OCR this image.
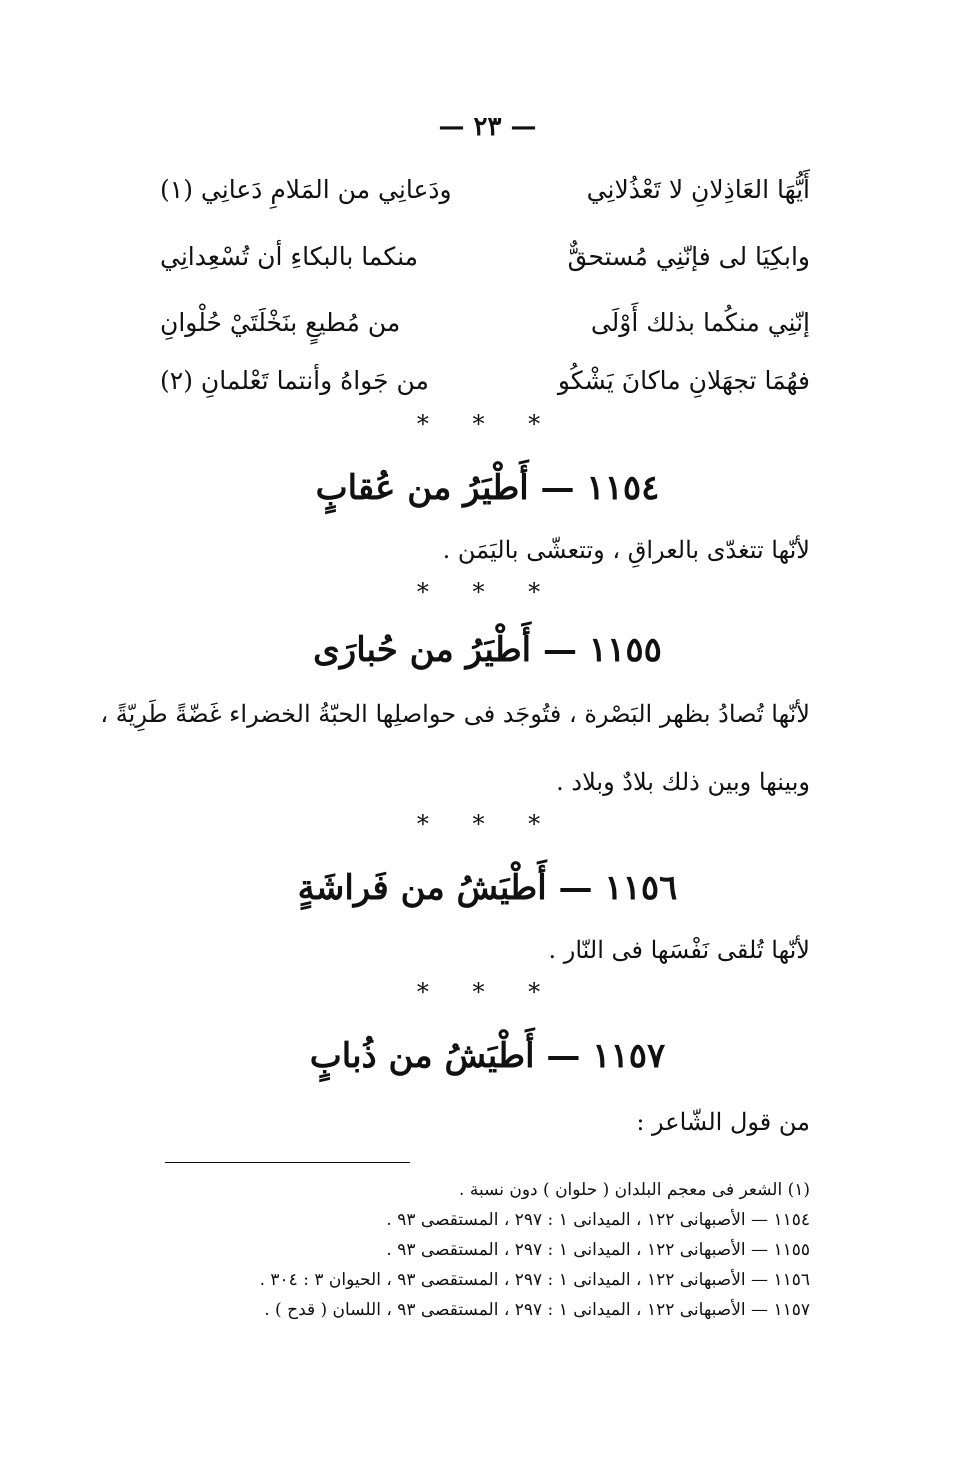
— ٢٣ —
أَيُّهَا العَاذِلانِ لا تَعْذُلانِي
ودَعانِي من المَلامِ دَعانِي (١)
وابكِيَا لى فإنّنِي مُستحقٌّ
منكما بالبكاءِ أن تُسْعِدانِي
إنّنِي منكُما بذلك أَوْلَى
من مُطيعٍ بنَخْلَتَيْ حُلْوانِ
فهُمَا تجهَلانِ ماكانَ يَشْكُو
من جَواهُ وأنتما تَعْلمانِ (٢)
* * *
١١٥٤ — أَطْيَرُ من عُقابٍ
لأنّها تتغدّى بالعراقِ ، وتتعشّى باليَمَن .
* * *
١١٥٥ — أَطْيَرُ من حُبارَى
لأنّها تُصادُ بظهر البَصْرة ، فتُوجَد فى حواصلِها الحبّةُ الخضراء غَضّةً طَرِيّةً ،
وبينها وبين ذلك بلادٌ وبلاد .
* * *
١١٥٦ — أَطْيَشُ من فَراشَةٍ
لأنّها تُلقى نَفْسَها فى النّار .
* * *
١١٥٧ — أَطْيَشُ من ذُبابٍ
من قول الشّاعر :
(١) الشعر فى معجم البلدان ( حلوان ) دون نسبة .
١١٥٤ — الأصبهانى ١٢٢ ، الميدانى ١ : ٢٩٧ ، المستقصى ٩٣ .
١١٥٥ — الأصبهانى ١٢٢ ، الميدانى ١ : ٢٩٧ ، المستقصى ٩٣ .
١١٥٦ — الأصبهانى ١٢٢ ، الميدانى ١ : ٢٩٧ ، المستقصى ٩٣ ، الحيوان ٣ : ٣٠٤ .
١١٥٧ — الأصبهانى ١٢٢ ، الميدانى ١ : ٢٩٧ ، المستقصى ٩٣ ، اللسان ( قدح ) .
